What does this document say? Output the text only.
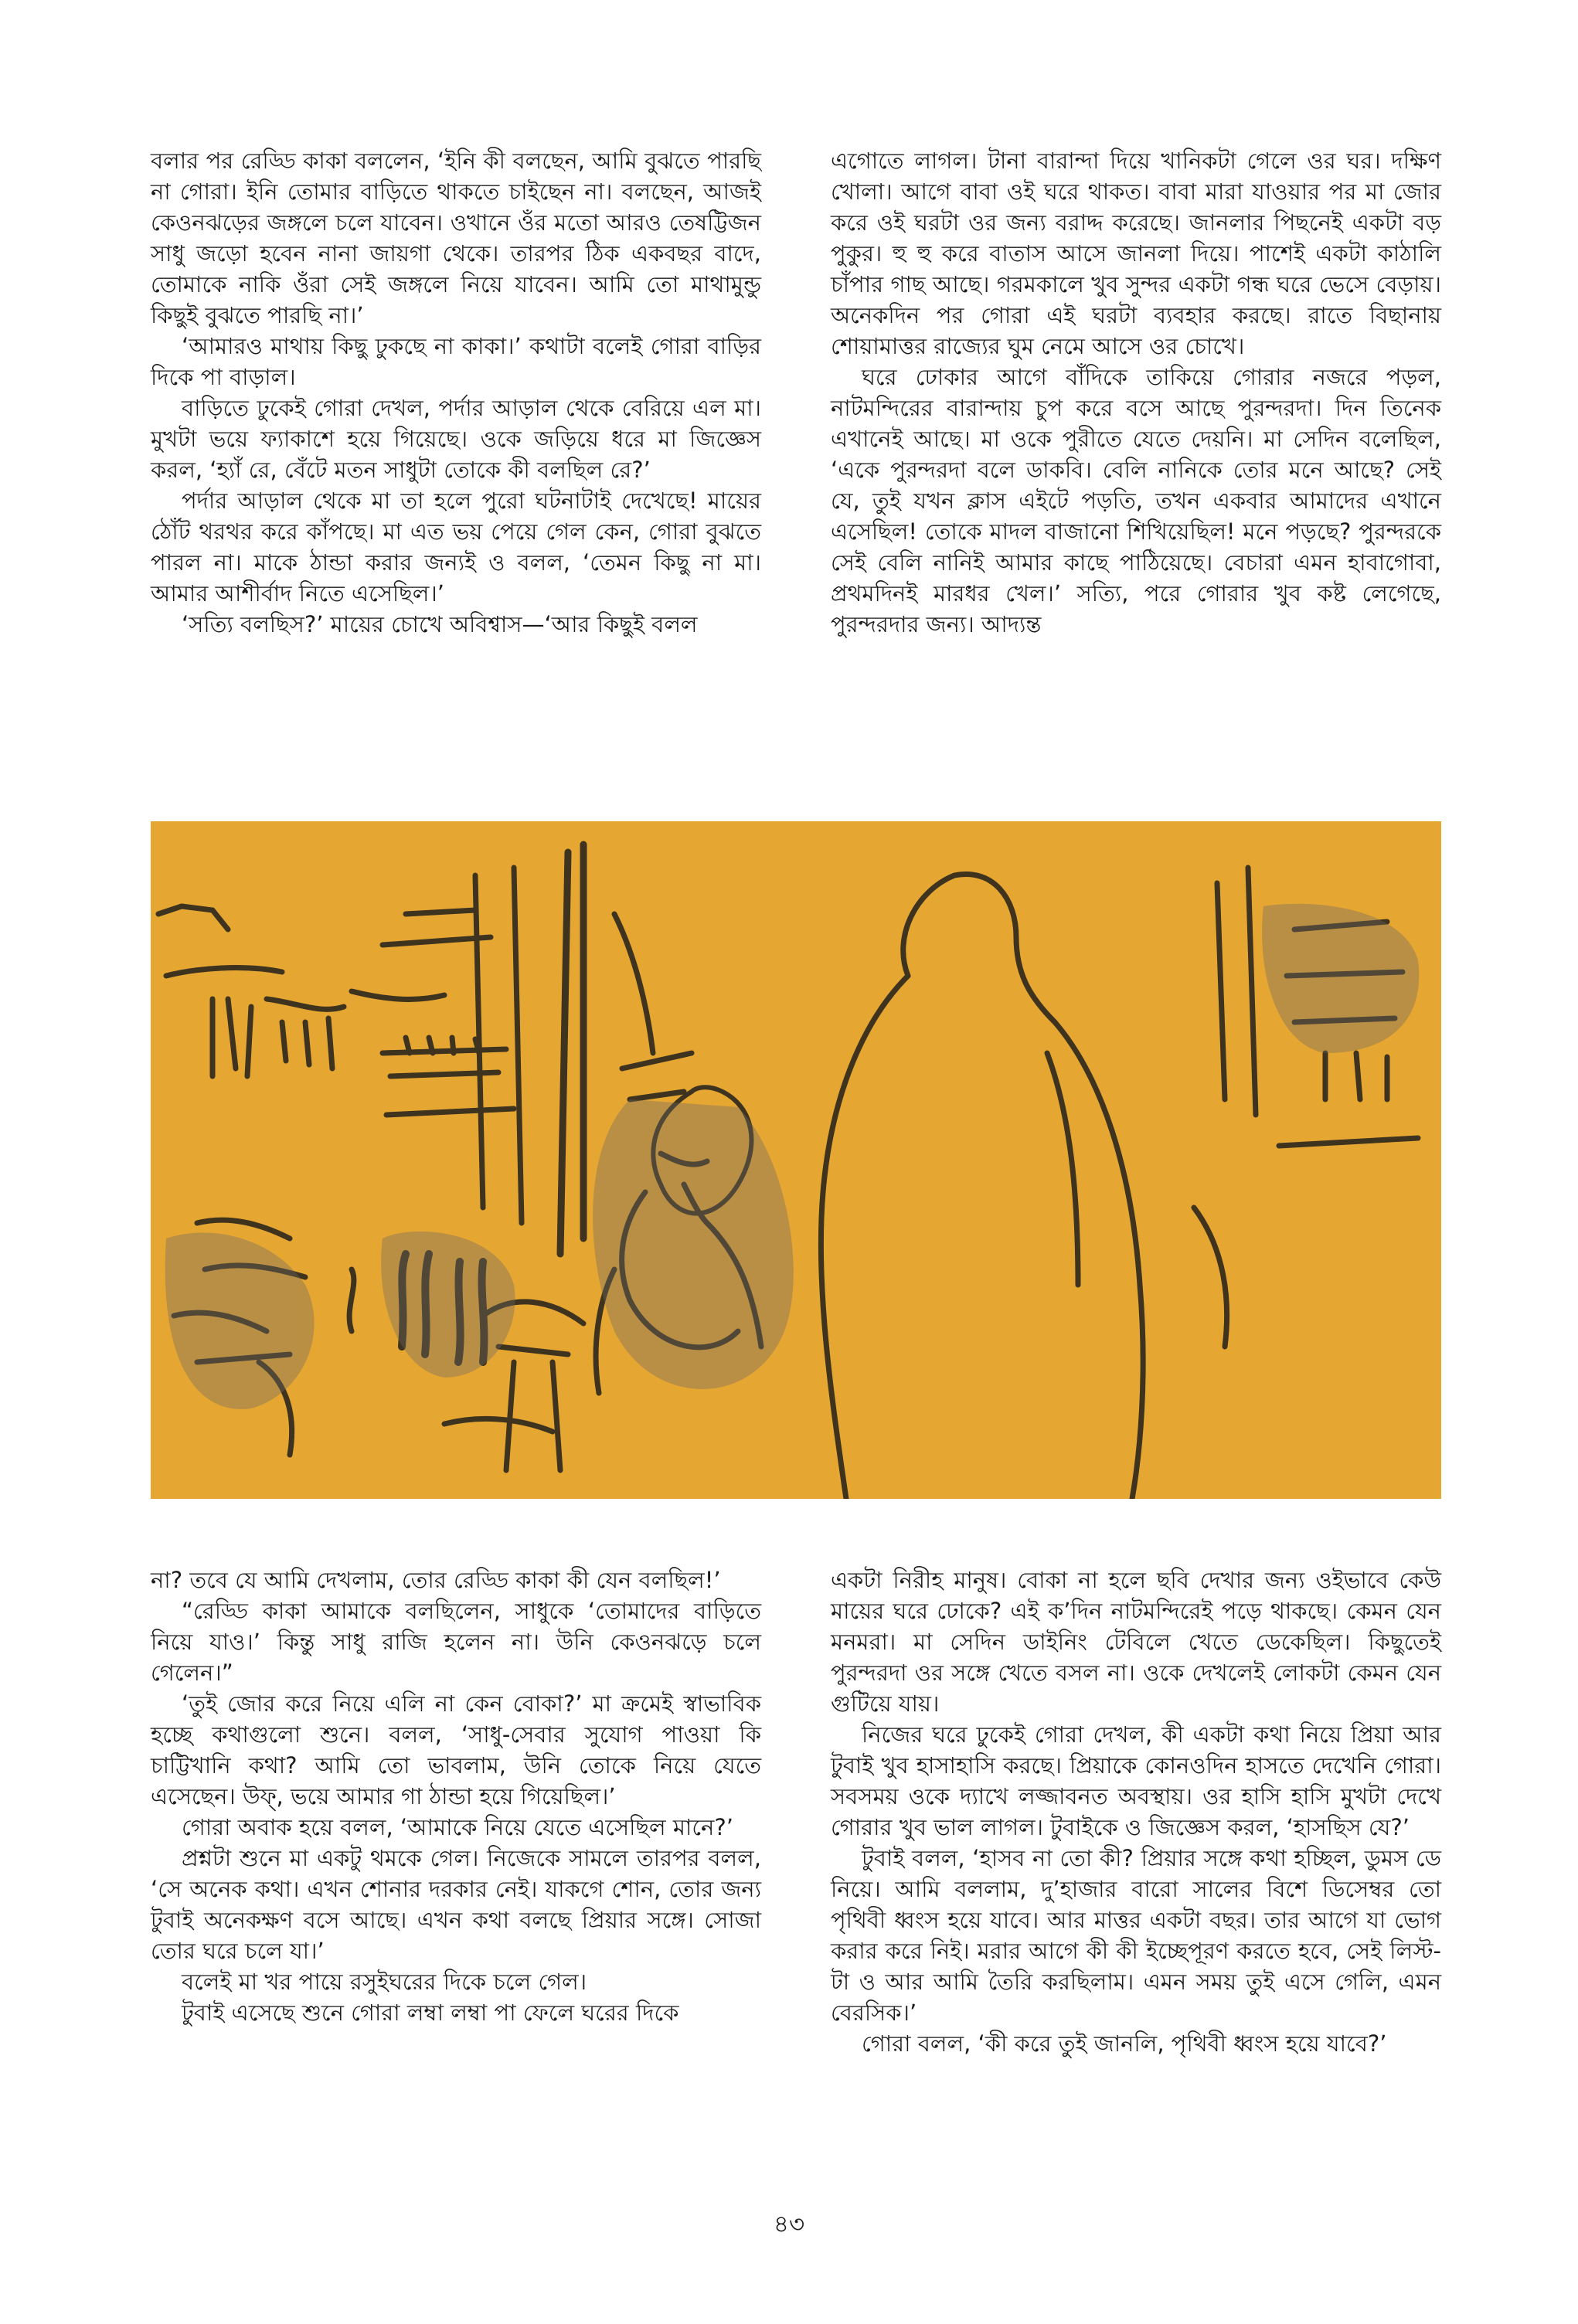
বলার পর রেড্ডি কাকা বললেন, ‘ইনি কী বলছেন, আমি বুঝতে পারছি না গোরা। ইনি তোমার বাড়িতে থাকতে চাইছেন না। বলছেন, আজই কেওনঝড়ের জঙ্গলে চলে যাবেন। ওখানে ওঁর মতো আরও তেষট্টিজন সাধু জড়ো হবেন নানা জায়গা থেকে। তারপর ঠিক একবছর বাদে, তোমাকে নাকি ওঁরা সেই জঙ্গলে নিয়ে যাবেন। আমি তো মাথামুন্ডু কিছুই বুঝতে পারছি না।’

‘আমারও মাথায় কিছু ঢুকছে না কাকা।’ কথাটা বলেই গোরা বাড়ির দিকে পা বাড়াল।

বাড়িতে ঢুকেই গোরা দেখল, পর্দার আড়াল থেকে বেরিয়ে এল মা। মুখটা ভয়ে ফ্যাকাশে হয়ে গিয়েছে। ওকে জড়িয়ে ধরে মা জিজ্ঞেস করল, ‘হ্যাঁ রে, বেঁটে মতন সাধুটা তোকে কী বলছিল রে?’

পর্দার আড়াল থেকে মা তা হলে পুরো ঘটনাটাই দেখেছে! মায়ের ঠোঁট থরথর করে কাঁপছে। মা এত ভয় পেয়ে গেল কেন, গোরা বুঝতে পারল না। মাকে ঠান্ডা করার জন্যই ও বলল, ‘তেমন কিছু না মা। আমার আশীর্বাদ নিতে এসেছিল।’

‘সত্যি বলছিস?’ মায়ের চোখে অবিশ্বাস—‘আর কিছুই বলল

এগোতে লাগল। টানা বারান্দা দিয়ে খানিকটা গেলে ওর ঘর। দক্ষিণ খোলা। আগে বাবা ওই ঘরে থাকত। বাবা মারা যাওয়ার পর মা জোর করে ওই ঘরটা ওর জন্য বরাদ্দ করেছে। জানলার পিছনেই একটা বড় পুকুর। হু হু করে বাতাস আসে জানলা দিয়ে। পাশেই একটা কাঠালি চাঁপার গাছ আছে। গরমকালে খুব সুন্দর একটা গন্ধ ঘরে ভেসে বেড়ায়। অনেকদিন পর গোরা এই ঘরটা ব্যবহার করছে। রাতে বিছানায় শোয়ামাত্তর রাজ্যের ঘুম নেমে আসে ওর চোখে।

ঘরে ঢোকার আগে বাঁদিকে তাকিয়ে গোরার নজরে পড়ল, নাটমন্দিরের বারান্দায় চুপ করে বসে আছে পুরন্দরদা। দিন তিনেক এখানেই আছে। মা ওকে পুরীতে যেতে দেয়নি। মা সেদিন বলেছিল, ‘একে পুরন্দরদা বলে ডাকবি। বেলি নানিকে তোর মনে আছে? সেই যে, তুই যখন ক্লাস এইটে পড়তি, তখন একবার আমাদের এখানে এসেছিল! তোকে মাদল বাজানো শিখিয়েছিল! মনে পড়ছে? পুরন্দরকে সেই বেলি নানিই আমার কাছে পাঠিয়েছে। বেচারা এমন হাবাগোবা, প্রথমদিনই মারধর খেল।’ সত্যি, পরে গোরার খুব কষ্ট লেগেছে, পুরন্দরদার জন্য। আদ্যন্ত

না? তবে যে আমি দেখলাম, তোর রেড্ডি কাকা কী যেন বলছিল!’

“রেড্ডি কাকা আমাকে বলছিলেন, সাধুকে ‘তোমাদের বাড়িতে নিয়ে যাও।’ কিন্তু সাধু রাজি হলেন না। উনি কেওনঝড়ে চলে গেলেন।”

‘তুই জোর করে নিয়ে এলি না কেন বোকা?’ মা ক্রমেই স্বাভাবিক হচ্ছে কথাগুলো শুনে। বলল, ‘সাধু-সেবার সুযোগ পাওয়া কি চাট্টিখানি কথা? আমি তো ভাবলাম, উনি তোকে নিয়ে যেতে এসেছেন। উফ্, ভয়ে আমার গা ঠান্ডা হয়ে গিয়েছিল।’

গোরা অবাক হয়ে বলল, ‘আমাকে নিয়ে যেতে এসেছিল মানে?’

প্রশ্নটা শুনে মা একটু থমকে গেল। নিজেকে সামলে তারপর বলল, ‘সে অনেক কথা। এখন শোনার দরকার নেই। যাকগে শোন, তোর জন্য টুবাই অনেকক্ষণ বসে আছে। এখন কথা বলছে প্রিয়ার সঙ্গে। সোজা তোর ঘরে চলে যা।’

বলেই মা খর পায়ে রসুইঘরের দিকে চলে গেল।

টুবাই এসেছে শুনে গোরা লম্বা লম্বা পা ফেলে ঘরের দিকে

একটা নিরীহ মানুষ। বোকা না হলে ছবি দেখার জন্য ওইভাবে কেউ মায়ের ঘরে ঢোকে? এই ক’দিন নাটমন্দিরেই পড়ে থাকছে। কেমন যেন মনমরা। মা সেদিন ডাইনিং টেবিলে খেতে ডেকেছিল। কিছুতেই পুরন্দরদা ওর সঙ্গে খেতে বসল না। ওকে দেখলেই লোকটা কেমন যেন গুটিয়ে যায়।

নিজের ঘরে ঢুকেই গোরা দেখল, কী একটা কথা নিয়ে প্রিয়া আর টুবাই খুব হাসাহাসি করছে। প্রিয়াকে কোনওদিন হাসতে দেখেনি গোরা। সবসময় ওকে দ্যাখে লজ্জাবনত অবস্থায়। ওর হাসি হাসি মুখটা দেখে গোরার খুব ভাল লাগল। টুবাইকে ও জিজ্ঞেস করল, ‘হাসছিস যে?’

টুবাই বলল, ‘হাসব না তো কী? প্রিয়ার সঙ্গে কথা হচ্ছিল, ডুমস ডে নিয়ে। আমি বললাম, দু’হাজার বারো সালের বিশে ডিসেম্বর তো পৃথিবী ধ্বংস হয়ে যাবে। আর মাত্তর একটা বছর। তার আগে যা ভোগ করার করে নিই। মরার আগে কী কী ইচ্ছেপূরণ করতে হবে, সেই লিস্ট-টা ও আর আমি তৈরি করছিলাম। এমন সময় তুই এসে গেলি, এমন বেরসিক।’

গোরা বলল, ‘কী করে তুই জানলি, পৃথিবী ধ্বংস হয়ে যাবে?’

৪৩
